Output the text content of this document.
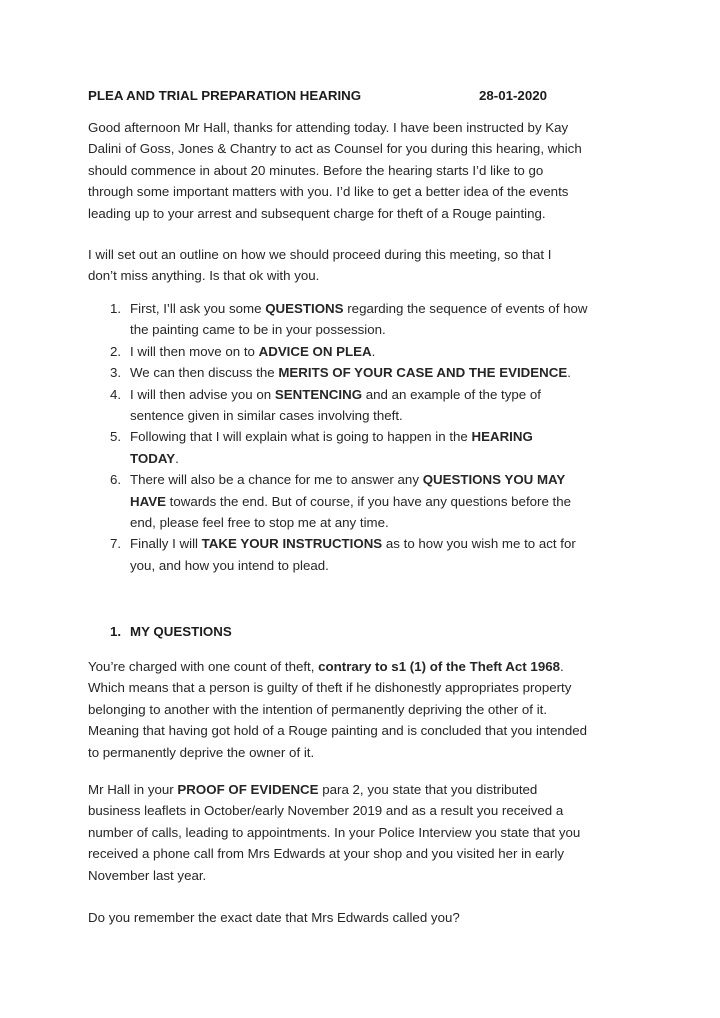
PLEA AND TRIAL PREPARATION HEARING	28-01-2020
Good afternoon Mr Hall, thanks for attending today. I have been instructed by Kay
Dalini of Goss, Jones & Chantry to act as Counsel for you during this hearing, which
should commence in about 20 minutes. Before the hearing starts I’d like to go
through some important matters with you. I’d like to get a better idea of the events
leading up to your arrest and subsequent charge for theft of a Rouge painting.
I will set out an outline on how we should proceed during this meeting, so that I
don’t miss anything. Is that ok with you.
1. First, I’ll ask you some QUESTIONS regarding the sequence of events of how
the painting came to be in your possession.
2. I will then move on to ADVICE ON PLEA.
3. We can then discuss the MERITS OF YOUR CASE AND THE EVIDENCE.
4. I will then advise you on SENTENCING and an example of the type of
sentence given in similar cases involving theft.
5. Following that I will explain what is going to happen in the HEARING
TODAY.
6. There will also be a chance for me to answer any QUESTIONS YOU MAY
HAVE towards the end. But of course, if you have any questions before the
end, please feel free to stop me at any time.
7. Finally I will TAKE YOUR INSTRUCTIONS as to how you wish me to act for
you, and how you intend to plead.
1. MY QUESTIONS
You’re charged with one count of theft, contrary to s1 (1) of the Theft Act 1968.
Which means that a person is guilty of theft if he dishonestly appropriates property
belonging to another with the intention of permanently depriving the other of it.
Meaning that having got hold of a Rouge painting and is concluded that you intended
to permanently deprive the owner of it.
Mr Hall in your PROOF OF EVIDENCE para 2, you state that you distributed
business leaflets in October/early November 2019 and as a result you received a
number of calls, leading to appointments. In your Police Interview you state that you
received a phone call from Mrs Edwards at your shop and you visited her in early
November last year.
Do you remember the exact date that Mrs Edwards called you?
